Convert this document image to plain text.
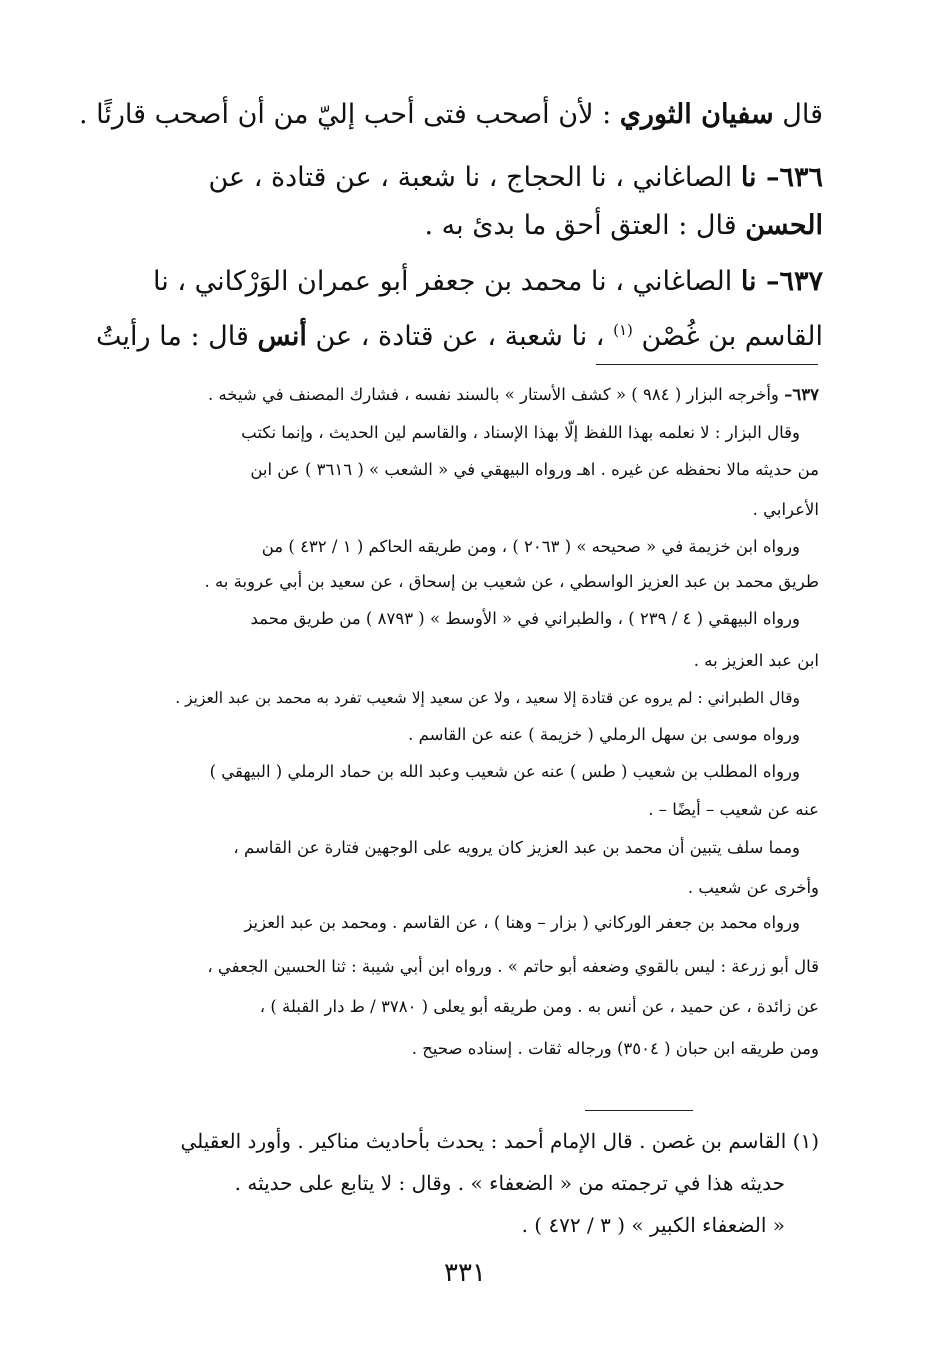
قال سفيان الثوري : لأن أصحب فتى أحب إليّ من أن أصحب قارئًا .
٦٣٦– نا الصاغاني ، نا الحجاج ، نا شعبة ، عن قتادة ، عن
الحسن قال : العتق أحق ما بدئ به .
٦٣٧– نا الصاغاني ، نا محمد بن جعفر أبو عمران الوَرْكاني ، نا
القاسم بن غُصْن $^{(١)}$ ، نا شعبة ، عن قتادة ، عن أنس قال : ما رأيتُ
٦٣٧– وأخرجه البزار ( ٩٨٤ ) « كشف الأستار » بالسند نفسه ، فشارك المصنف في شيخه .
وقال البزار : لا نعلمه بهذا اللفظ إلّا بهذا الإسناد ، والقاسم لين الحديث ، وإنما نكتب
من حديثه مالا نحفظه عن غيره . اهـ ورواه البيهقي في « الشعب » ( ٣٦١٦ ) عن ابن
الأعرابي .
ورواه ابن خزيمة في « صحيحه » ( ٢٠٦٣ ) ، ومن طريقه الحاكم ( ١ / ٤٣٢ ) من
طريق محمد بن عبد العزيز الواسطي ، عن شعيب بن إسحاق ، عن سعيد بن أبي عروبة به .
ورواه البيهقي ( ٤ / ٢٣٩ ) ، والطبراني في « الأوسط » ( ٨٧٩٣ ) من طريق محمد
ابن عبد العزيز به .
وقال الطبراني : لم يروه عن قتادة إلا سعيد ، ولا عن سعيد إلا شعيب تفرد به محمد بن عبد العزيز .
ورواه موسى بن سهل الرملي ( خزيمة ) عنه عن القاسم .
ورواه المطلب بن شعيب ( طس ) عنه عن شعيب وعبد الله بن حماد الرملي ( البيهقي )
عنه عن شعيب – أيضًا – .
ومما سلف يتبين أن محمد بن عبد العزيز كان يرويه على الوجهين فتارة عن القاسم ،
وأخرى عن شعيب .
ورواه محمد بن جعفر الوركاني ( بزار – وهنا ) ، عن القاسم . ومحمد بن عبد العزيز
قال أبو زرعة : ليس بالقوي وضعفه أبو حاتم » . ورواه ابن أبي شيبة : ثنا الحسين الجعفي ،
عن زائدة ، عن حميد ، عن أنس به . ومن طريقه أبو يعلى ( ٣٧٨٠ / ط دار القبلة ) ،
ومن طريقه ابن حبان ( ٣٥٠٤) ورجاله ثقات . إسناده صحيح .
(١) القاسم بن غصن . قال الإمام أحمد : يحدث بأحاديث مناكير . وأورد العقيلي
حديثه هذا في ترجمته من « الضعفاء » . وقال : لا يتابع على حديثه .
« الضعفاء الكبير » ( ٣ / ٤٧٢ ) .
٣٣١
